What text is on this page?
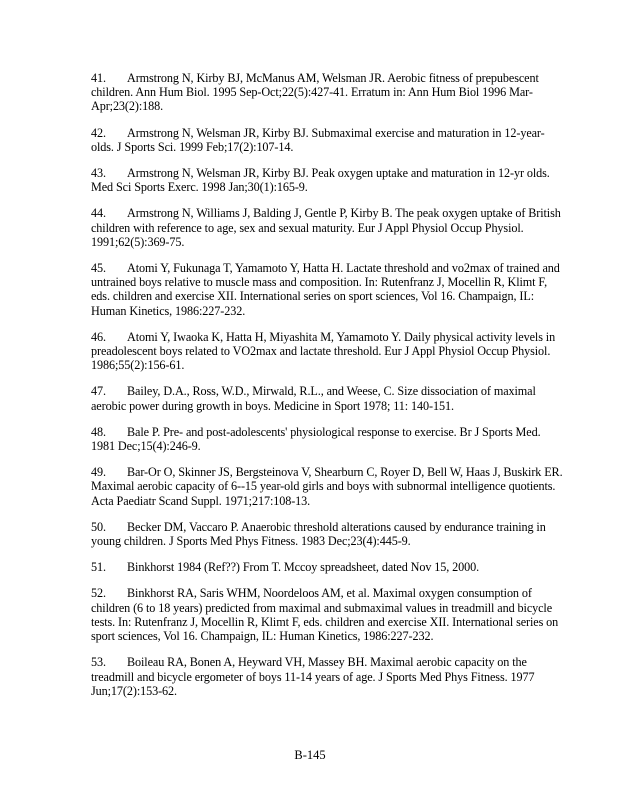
41. Armstrong N, Kirby BJ, McManus AM, Welsman JR. Aerobic fitness of prepubescent children. Ann Hum Biol. 1995 Sep-Oct;22(5):427-41. Erratum in: Ann Hum Biol 1996 Mar-Apr;23(2):188.

42. Armstrong N, Welsman JR, Kirby BJ. Submaximal exercise and maturation in 12-year-olds. J Sports Sci. 1999 Feb;17(2):107-14.

43. Armstrong N, Welsman JR, Kirby BJ. Peak oxygen uptake and maturation in 12-yr olds. Med Sci Sports Exerc. 1998 Jan;30(1):165-9.

44. Armstrong N, Williams J, Balding J, Gentle P, Kirby B. The peak oxygen uptake of British children with reference to age, sex and sexual maturity. Eur J Appl Physiol Occup Physiol. 1991;62(5):369-75.

45. Atomi Y, Fukunaga T, Yamamoto Y, Hatta H. Lactate threshold and vo2max of trained and untrained boys relative to muscle mass and composition. In: Rutenfranz J, Mocellin R, Klimt F, eds. children and exercise XII. International series on sport sciences, Vol 16. Champaign, IL: Human Kinetics, 1986:227-232.

46. Atomi Y, Iwaoka K, Hatta H, Miyashita M, Yamamoto Y. Daily physical activity levels in preadolescent boys related to VO2max and lactate threshold. Eur J Appl Physiol Occup Physiol. 1986;55(2):156-61.

47. Bailey, D.A., Ross, W.D., Mirwald, R.L., and Weese, C. Size dissociation of maximal aerobic power during growth in boys. Medicine in Sport 1978; 11: 140-151.

48. Bale P. Pre- and post-adolescents' physiological response to exercise. Br J Sports Med. 1981 Dec;15(4):246-9.

49. Bar-Or O, Skinner JS, Bergsteinova V, Shearburn C, Royer D, Bell W, Haas J, Buskirk ER. Maximal aerobic capacity of 6--15 year-old girls and boys with subnormal intelligence quotients. Acta Paediatr Scand Suppl. 1971;217:108-13.

50. Becker DM, Vaccaro P. Anaerobic threshold alterations caused by endurance training in young children. J Sports Med Phys Fitness. 1983 Dec;23(4):445-9.

51. Binkhorst 1984 (Ref??) From T. Mccoy spreadsheet, dated Nov 15, 2000.

52. Binkhorst RA, Saris WHM, Noordeloos AM, et al. Maximal oxygen consumption of children (6 to 18 years) predicted from maximal and submaximal values in treadmill and bicycle tests. In: Rutenfranz J, Mocellin R, Klimt F, eds. children and exercise XII. International series on sport sciences, Vol 16. Champaign, IL: Human Kinetics, 1986:227-232.

53. Boileau RA, Bonen A, Heyward VH, Massey BH. Maximal aerobic capacity on the treadmill and bicycle ergometer of boys 11-14 years of age. J Sports Med Phys Fitness. 1977 Jun;17(2):153-62.

B-145
